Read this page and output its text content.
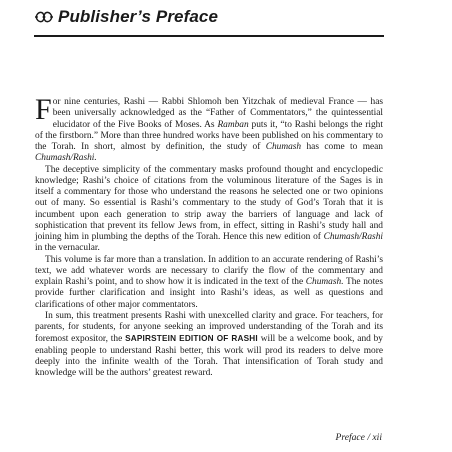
Publisher’s Preface

For nine centuries, Rashi — Rabbi Shlomoh ben Yitzchak of medieval France — has been universally acknowledged as the “Father of Commentators,” the quintessential elucidator of the Five Books of Moses. As Ramban puts it, “to Rashi belongs the right of the firstborn.” More than three hundred works have been published on his commentary to the Torah. In short, almost by definition, the study of Chumash has come to mean Chumash/Rashi.

The deceptive simplicity of the commentary masks profound thought and encyclopedic knowledge; Rashi’s choice of citations from the voluminous literature of the Sages is in itself a commentary for those who understand the reasons he selected one or two opinions out of many. So essential is Rashi’s commentary to the study of God’s Torah that it is incumbent upon each generation to strip away the barriers of language and lack of sophistication that prevent its fellow Jews from, in effect, sitting in Rashi’s study hall and joining him in plumbing the depths of the Torah. Hence this new edition of Chumash/Rashi in the vernacular.

This volume is far more than a translation. In addition to an accurate rendering of Rashi’s text, we add whatever words are necessary to clarify the flow of the commentary and explain Rashi’s point, and to show how it is indicated in the text of the Chumash. The notes provide further clarification and insight into Rashi’s ideas, as well as questions and clarifications of other major commentators.

In sum, this treatment presents Rashi with unexcelled clarity and grace. For teachers, for parents, for students, for anyone seeking an improved understanding of the Torah and its foremost expositor, the SAPIRSTEIN EDITION OF RASHI will be a welcome book, and by enabling people to understand Rashi better, this work will prod its readers to delve more deeply into the infinite wealth of the Torah. That intensification of Torah study and knowledge will be the authors’ greatest reward.

Preface / xii
